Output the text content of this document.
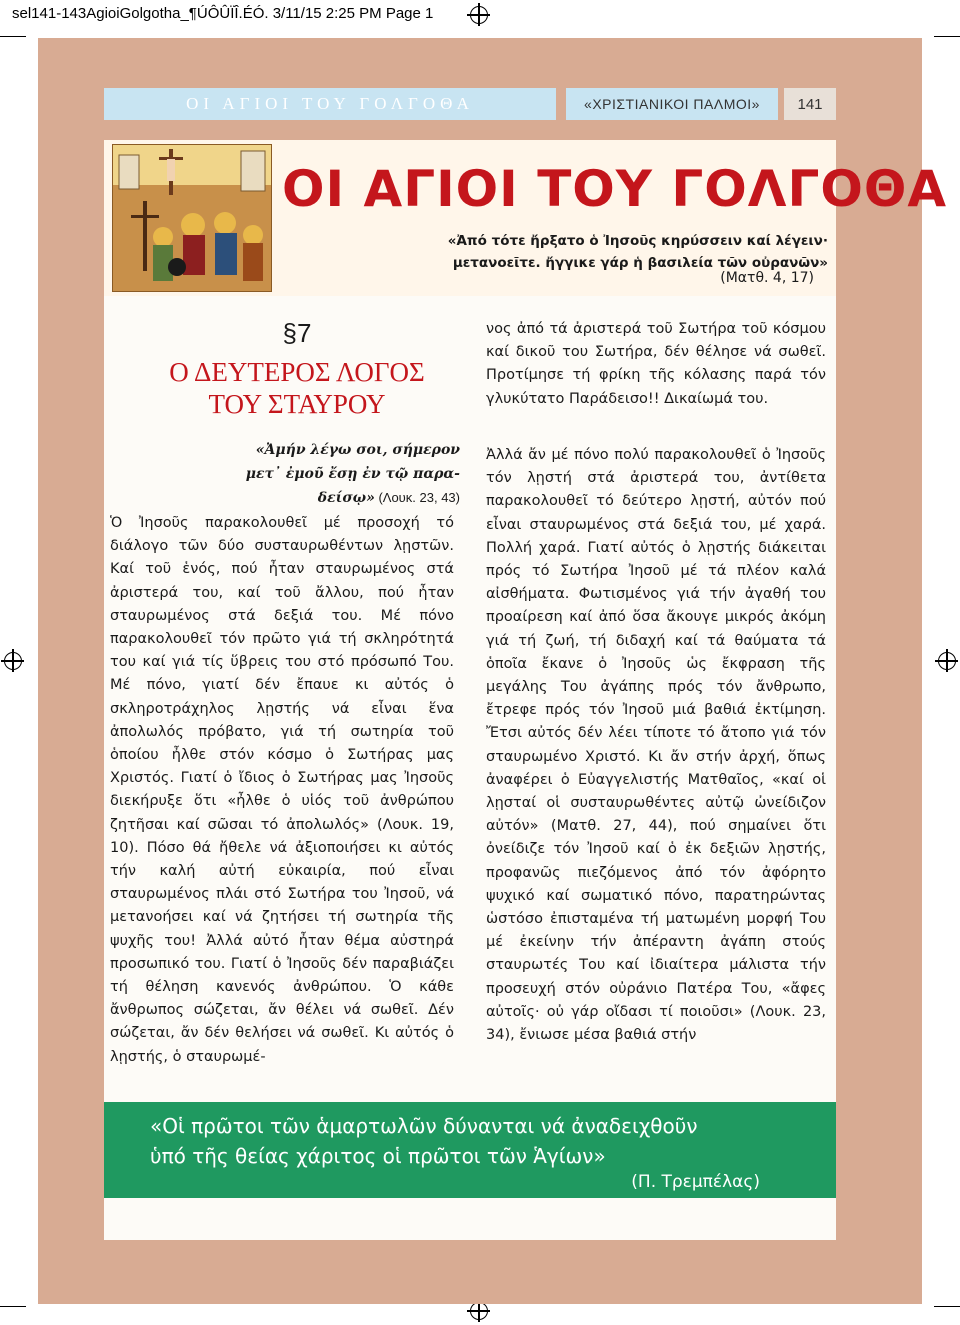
sel141-143AgioiGolgotha_¶ÚÔÛÏÎ.ÉÓ. 3/11/15 2:25 PM Page 1
ΟΙ ΑΓΙΟΙ ΤΟΥ ΓΟΛΓΟΘΑ	«ΧΡΙΣΤΙΑΝΙΚΟΙ ΠΑΛΜΟΙ»	141
ΟΙ ΑΓΙΟΙ ΤΟΥ ΓΟΛΓΟΘΑ
«Ἀπό τότε ἤρξατο ὁ Ἰησοῦς κηρύσσειν καί λέγειν·
μετανοεῖτε. ἤγγικε γάρ ἡ βασιλεία τῶν οὐρανῶν»
(Ματθ. 4, 17)
§7
Ο ΔΕΥΤΕΡΟΣ ΛΟΓΟΣ
ΤΟΥ ΣΤΑΥΡΟΥ
«Ἀμήν λέγω σοι, σήμερον
μετ᾿ ἐμοῦ ἔσῃ ἐν τῷ παρα-
δείσῳ» (Λουκ. 23, 43)

Ὁ Ἰησοῦς παρακολουθεῖ μέ προσοχή τό διάλογο τῶν δύο συσταυρωθέντων λῃστῶν. Καί τοῦ ἑνός, πού ἦταν σταυρωμένος στά ἀριστερά του, καί τοῦ ἄλλου, πού ἦταν σταυρωμένος στά δεξιά του. Μέ πόνο παρακολουθεῖ τόν πρῶτο γιά τή σκληρότητά του καί γιά τίς ὕβρεις του στό πρόσωπό Του. Μέ πόνο, γιατί δέν ἔπαυε κι αὐτός ὁ σκληροτράχηλος λῃστής νά εἶναι ἕνα ἀπολωλός πρόβατο, γιά τή σωτηρία τοῦ ὁποίου ἦλθε στόν κόσμο ὁ Σωτήρας μας Χριστός. Γιατί ὁ ἴδιος ὁ Σωτήρας μας Ἰησοῦς διεκήρυξε ὅτι «ἦλθε ὁ υἱός τοῦ ἀνθρώπου ζητῆσαι καί σῶσαι τό ἀπολωλός» (Λουκ. 19, 10). Πόσο θά ἤθελε νά ἀξιοποιήσει κι αὐτός τήν καλή αὐτή εὐκαιρία, πού εἶναι σταυρωμένος πλάι στό Σωτήρα του Ἰησοῦ, νά μετανοήσει καί νά ζητήσει τή σωτηρία τῆς ψυχῆς του! Ἀλλά αὐτό ἦταν θέμα αὐστηρά προσωπικό του. Γιατί ὁ Ἰησοῦς δέν παραβιάζει τή θέληση κανενός ἀνθρώπου. Ὁ κάθε ἄνθρωπος σώζεται, ἄν θέλει νά σωθεῖ. Δέν σώζεται, ἄν δέν θελήσει νά σωθεῖ. Κι αὐτός ὁ λῃστής, ὁ σταυρωμέ-

νος ἀπό τά ἀριστερά τοῦ Σωτήρα τοῦ κόσμου καί δικοῦ του Σωτήρα, δέν θέλησε νά σωθεῖ. Προτίμησε τή φρίκη τῆς κόλασης παρά τόν γλυκύτατο Παράδεισο!! Δικαίωμά του.

Ἀλλά ἄν μέ πόνο πολύ παρακολουθεῖ ὁ Ἰησοῦς τόν λῃστή στά ἀριστερά του, ἀντίθετα παρακολουθεῖ τό δεύτερο λῃστή, αὐτόν πού εἶναι σταυρωμένος στά δεξιά του, μέ χαρά. Πολλή χαρά. Γιατί αὐτός ὁ λῃστής διάκειται πρός τό Σωτήρα Ἰησοῦ μέ τά πλέον καλά αἰσθήματα. Φωτισμένος γιά τήν ἀγαθή του προαίρεση καί ἀπό ὅσα ἄκουγε μικρός ἀκόμη γιά τή ζωή, τή διδαχή καί τά θαύματα τά ὁποῖα ἔκανε ὁ Ἰησοῦς ὡς ἔκφραση τῆς μεγάλης Του ἀγάπης πρός τόν ἄνθρωπο, ἔτρεφε πρός τόν Ἰησοῦ μιά βαθιά ἐκτίμηση. Ἔτσι αὐτός δέν λέει τίποτε τό ἄτοπο γιά τόν σταυρωμένο Χριστό. Κι ἄν στήν ἀρχή, ὅπως ἀναφέρει ὁ Εὐαγγελιστής Ματθαῖος, «καί οἱ λῃσταί οἱ συσταυρωθέντες αὐτῷ ὠνείδιζον αὐτόν» (Ματθ. 27, 44), πού σημαίνει ὅτι ὀνείδιζε τόν Ἰησοῦ καί ὁ ἐκ δεξιῶν λῃστής, προφανῶς πιεζόμενος ἀπό τόν ἀφόρητο ψυχικό καί σωματικό πόνο, παρατηρώντας ὡστόσο ἐπισταμένα τή ματωμένη μορφή Του μέ ἐκείνην τήν ἀπέραντη ἀγάπη στούς σταυρωτές Του καί ἰδιαίτερα μάλιστα τήν προσευχή στόν οὐράνιο Πατέρα Του, «ἄφες αὐτοῖς· οὐ γάρ οἴδασι τί ποιοῦσι» (Λουκ. 23, 34), ἔνιωσε μέσα βαθιά στήν

«Οἱ πρῶτοι τῶν ἁμαρτωλῶν δύνανται νά ἀναδειχθοῦν
ὑπό τῆς θείας χάριτος οἱ πρῶτοι τῶν Ἁγίων»
(Π. Τρεμπέλας)
